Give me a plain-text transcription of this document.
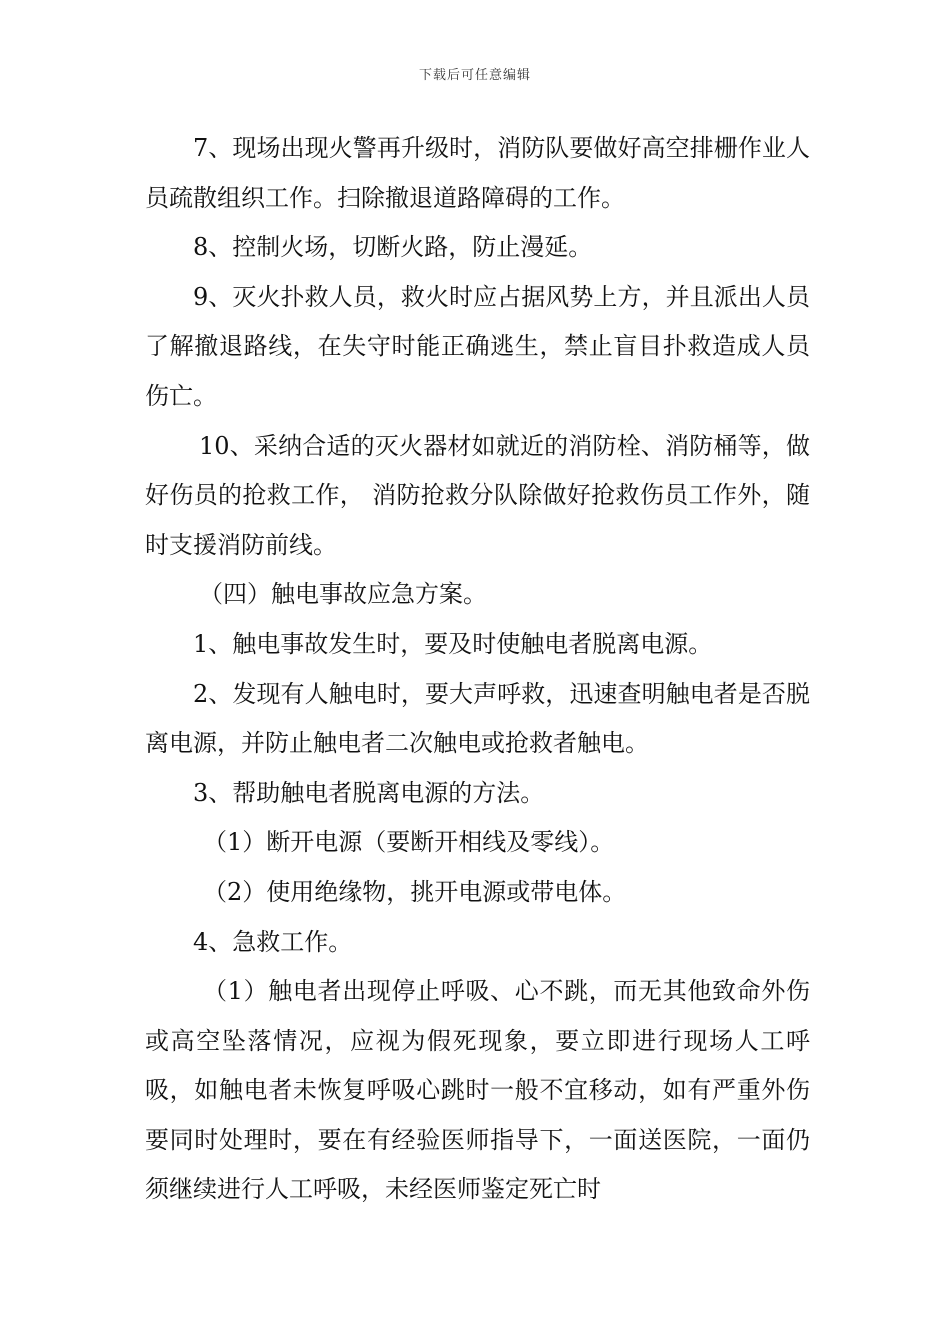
下载后可任意编辑

7、现场出现火警再升级时，消防队要做好高空排栅作业人员疏散组织工作。扫除撤退道路障碍的工作。

8、控制火场，切断火路，防止漫延。

9、灭火扑救人员，救火时应占据风势上方，并且派出人员了解撤退路线，在失守时能正确逃生，禁止盲目扑救造成人员伤亡。

10、采纳合适的灭火器材如就近的消防栓、消防桶等，做好伤员的抢救工作， 消防抢救分队除做好抢救伤员工作外，随时支援消防前线。

（四）触电事故应急方案。

1、触电事故发生时，要及时使触电者脱离电源。

2、发现有人触电时，要大声呼救，迅速查明触电者是否脱离电源，并防止触电者二次触电或抢救者触电。

3、帮助触电者脱离电源的方法。

（1）断开电源（要断开相线及零线）。

（2）使用绝缘物，挑开电源或带电体。

4、急救工作。

（1）触电者出现停止呼吸、心不跳，而无其他致命外伤或高空坠落情况，应视为假死现象，要立即进行现场人工呼吸，如触电者未恢复呼吸心跳时一般不宜移动，如有严重外伤要同时处理时，要在有经验医师指导下，一面送医院，一面仍须继续进行人工呼吸，未经医师鉴定死亡时
